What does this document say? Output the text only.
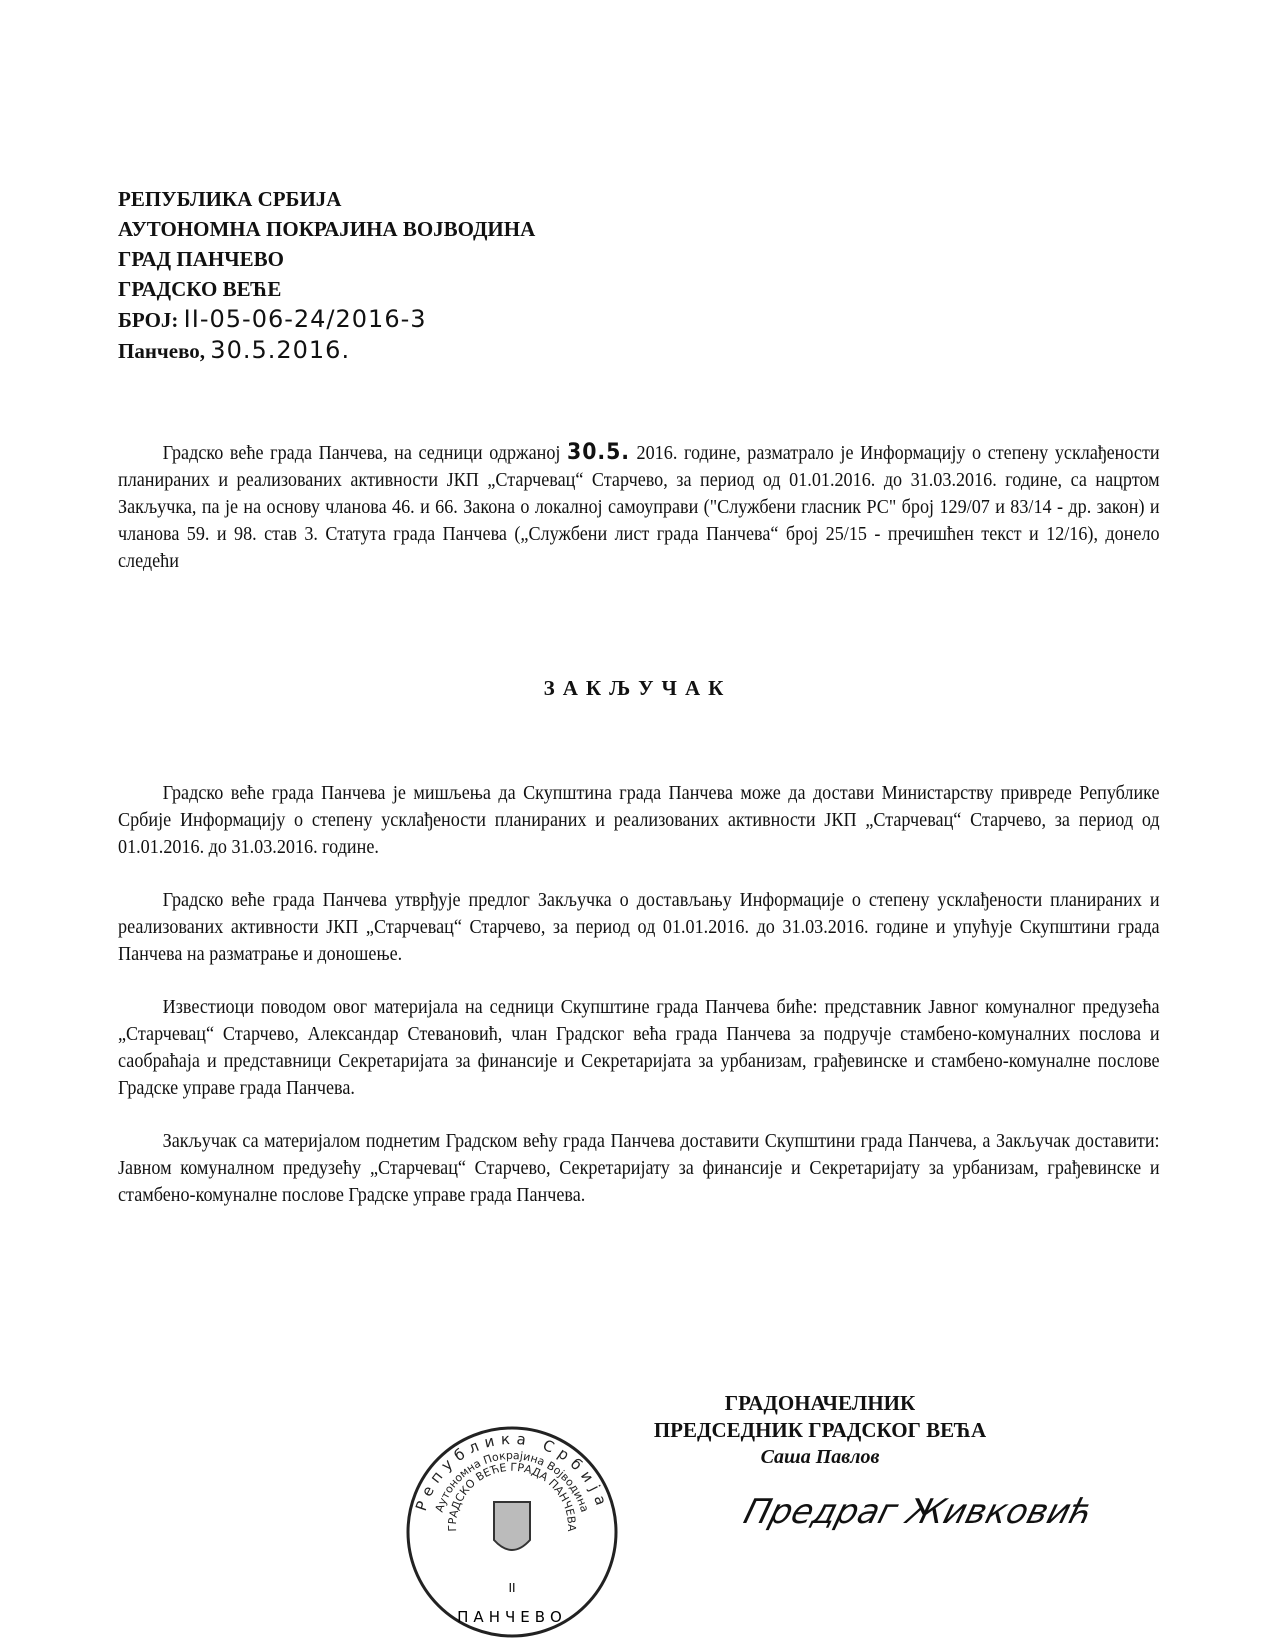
РЕПУБЛИКА СРБИЈА
АУТОНОМНА ПОКРАЈИНА ВОЈВОДИНА
ГРАД ПАНЧЕВО
ГРАДСКО ВЕЋЕ
БРОЈ: II-05-06-24/2016-3
Панчево, 30.5.2016.

Градско веће града Панчева, на седници одржаној 30.5. 2016. године, разматрало је Информацију о степену усклађености планираних и реализованих активности ЈКП „Старчевац“ Старчево, за период од 01.01.2016. до 31.03.2016. године, са нацртом Закључка, па је на основу чланова 46. и 66. Закона о локалној самоуправи ("Службени гласник РС" број 129/07 и 83/14 - др. закон) и чланова 59. и 98. став 3. Статута града Панчева („Службени лист града Панчева“ број 25/15 - пречишћен текст и 12/16), донело следећи

ЗАКЉУЧАК

Градско веће града Панчева је мишљења да Скупштина града Панчева може да достави Министарству привреде Републике Србије Информацију о степену усклађености планираних и реализованих активности ЈКП „Старчевац“ Старчево, за период од 01.01.2016. до 31.03.2016. године.

Градско веће града Панчева утврђује предлог Закључка о достављању Информације о степену усклађености планираних и реализованих активности ЈКП „Старчевац“ Старчево, за период од 01.01.2016. до 31.03.2016. године и упућује Скупштини града Панчева на разматрање и доношење.

Известиоци поводом овог материјала на седници Скупштине града Панчева биће: представник Јавног комуналног предузећа „Старчевац“ Старчево, Александар Стевановић, члан Градског већа града Панчева за подручје стамбено-комуналних послова и саобраћаја и представници Секретаријата за финансије и Секретаријата за урбанизам, грађевинске и стамбено-комуналне послове Градске управе града Панчева.

Закључак са материјалом поднетим Градском већу града Панчева доставити Скупштини града Панчева, а Закључак доставити: Јавном комуналном предузећу „Старчевац“ Старчево, Секретаријату за финансије и Секретаријату за урбанизам, грађевинске и стамбено-комуналне послове Градске управе града Панчева.

ГРАДОНАЧЕЛНИК
ПРЕДСЕДНИК ГРАДСКОГ ВЕЋА
Саша Павлов
Република Србија
Аутономна Покрајина Војводина
ГРАДСКО ВЕЋЕ ГРАДА ПАНЧЕВА
II
ПАНЧЕВО
Предраг Живковић
